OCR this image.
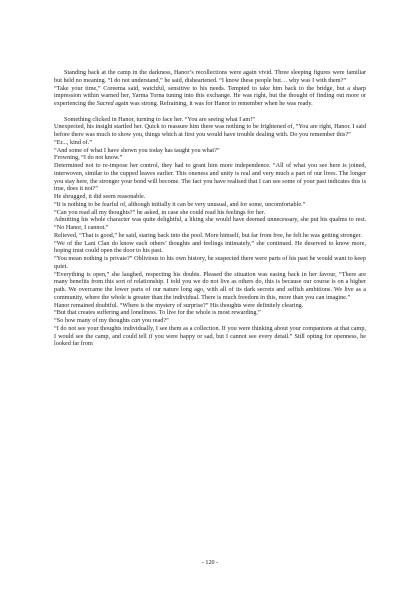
Standing back at the camp in the darkness, Hanor’s recollections were again vivid. Three sleeping figures were familiar but held no meaning. “I do not understand,” he said, disheartened. “I know these people but… why was I with them?”

“Take your time,” Coreema said, watchful, sensitive to his needs. Tempted to take him back to the bridge, but a sharp impression within warned her, Yarma Torna tuning into this exchange. He was right, but the thought of finding out more or experiencing the Sacred again was strong. Refraining, it was for Hanor to remember when he was ready.

Something clicked in Hanor, turning to face her. “You are seeing what I am!”

Unexpected, his insight startled her. Quick to reassure him there was nothing to be frightened of, “You are right, Hanor. I said before there was much to show you, things which at first you would have trouble dealing with. Do you remember this?”

“Er..., kind of.”

“And some of what I have shown you today has taught you what?”

Frowning, “I do not know.”

Determined not to re-impose her control, they had to grant him more independence. “All of what you see here is joined, interwoven, similar to the cupped leaves earlier. This oneness and unity is real and very much a part of our lives. The longer you stay here, the stronger your bond will become. The fact you have realised that I can see some of your past indicates this is true, does it not?”

He shrugged, it did seem reasonable.

“It is nothing to be fearful of, although initially it can be very unusual, and for some, uncomfortable.”

“Can you read all my thoughts?” he asked, in case she could read his feelings for her.

Admitting his whole character was quite delightful, a liking she would have deemed unnecessary, she put his qualms to rest. “No Hanor, I cannot.”

Relieved, “That is good,” he said, staring back into the pool. More himself, but far from free, he felt he was getting stronger.

“We of the Lani Clan do know each others’ thoughts and feelings intimately,” she continued. He deserved to know more, hoping trust could open the door to his past.

“You mean nothing is private?” Oblivious to his own history, he suspected there were parts of his past he would want to keep quiet.

“Everything is open,” she laughed, respecting his doubts. Pleased the situation was easing back in her favour, “There are many benefits from this sort of relationship. I told you we do not live as others do, this is because our course is on a higher path. We overcame the lower parts of our nature long ago, with all of its dark secrets and selfish ambitions. We live as a community, where the whole is greater than the individual. There is much freedom in this, more than you can imagine.”

Hanor remained doubtful. “Where is the mystery of surprise?” His thoughts were definitely clearing.

“But that creates suffering and loneliness. To live for the whole is most rewarding.”

“So how many of my thoughts can you read?”

“I do not see your thoughts individually, I see them as a collection. If you were thinking about your companions at that camp, I would see the camp, and could tell if you were happy or sad, but I cannot see every detail.” Still opting for openness, he looked far from

- 120 -
